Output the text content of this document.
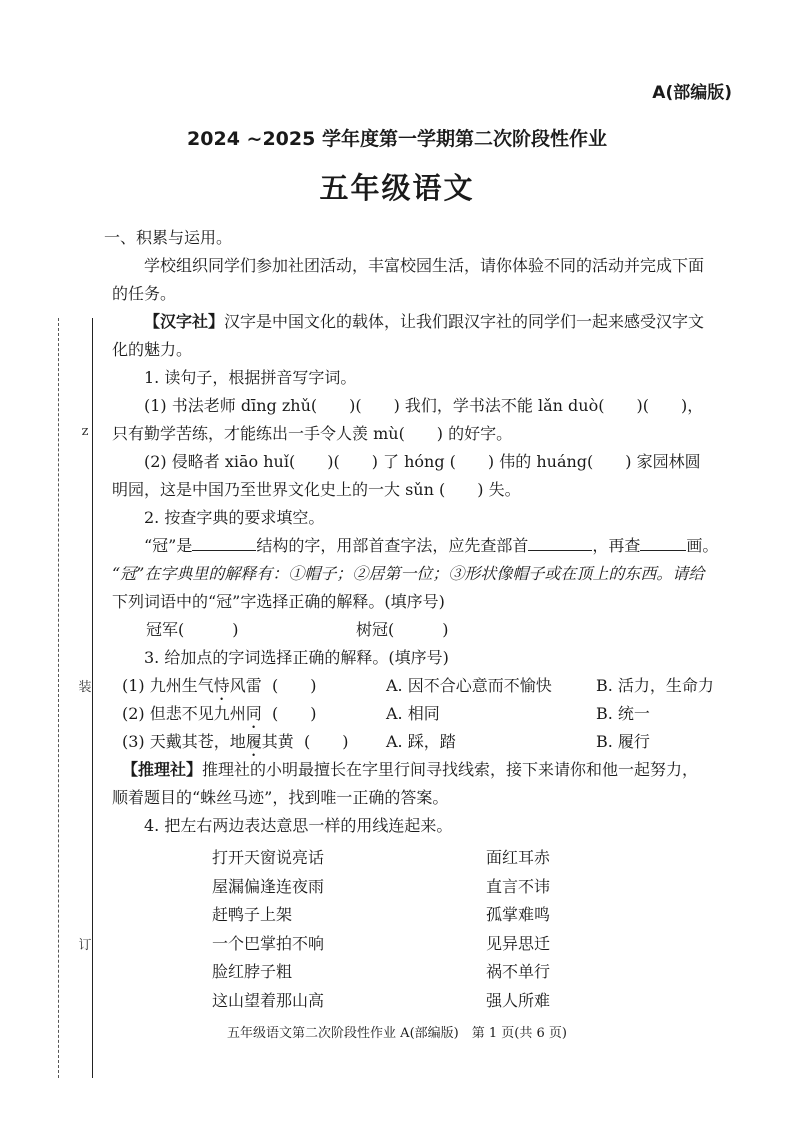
z
装
订
A(部编版)
2024 ~2025 学年度第一学期第二次阶段性作业
五年级语文
一、积累与运用。
学校组织同学们参加社团活动，丰富校园生活，请你体验不同的活动并完成下面
的任务。
【汉字社】汉字是中国文化的载体，让我们跟汉字社的同学们一起来感受汉字文
化的魅力。
1. 读句子，根据拼音写字词。
(1) 书法老师 dīng zhǔ(　　)(　　) 我们，学书法不能 lǎn duò(　　)(　　)，
只有勤学苦练，才能练出一手令人羡 mù(　　) 的好字。
(2) 侵略者 xiāo huǐ(　　)(　　) 了 hóng (　　) 伟的 huáng(　　) 家园林圆
明园，这是中国乃至世界文化史上的一大 sǔn (　　) 失。
2. 按查字典的要求填空。
“冠”是	结构的字，用部首查字法，应先查部首	，再查	画。
“冠”在字典里的解释有：①帽子；②居第一位；③形状像帽子或在顶上的东西。请给
下列词语中的“冠”字选择正确的解释。(填序号)
冠军(　　　)	树冠(　　　)
3. 给加点的字词选择正确的解释。(填序号)
(1) 九州生气恃风雷 (　　)	A. 因不合心意而不愉快	B. 活力，生命力
(2) 但悲不见九州同 (　　)	A. 相同	B. 统一
(3) 天戴其苍，地履其黄 (　　)	A. 踩，踏	B. 履行
【推理社】推理社的小明最擅长在字里行间寻找线索，接下来请你和他一起努力，
顺着题目的“蛛丝马迹”，找到唯一正确的答案。
4. 把左右两边表达意思一样的用线连起来。
打开天窗说亮话	面红耳赤
屋漏偏逢连夜雨	直言不讳
赶鸭子上架	孤掌难鸣
一个巴掌拍不响	见异思迁
脸红脖子粗	祸不单行
这山望着那山高	强人所难
五年级语文第二次阶段性作业 A(部编版)　第 1 页(共 6 页)
